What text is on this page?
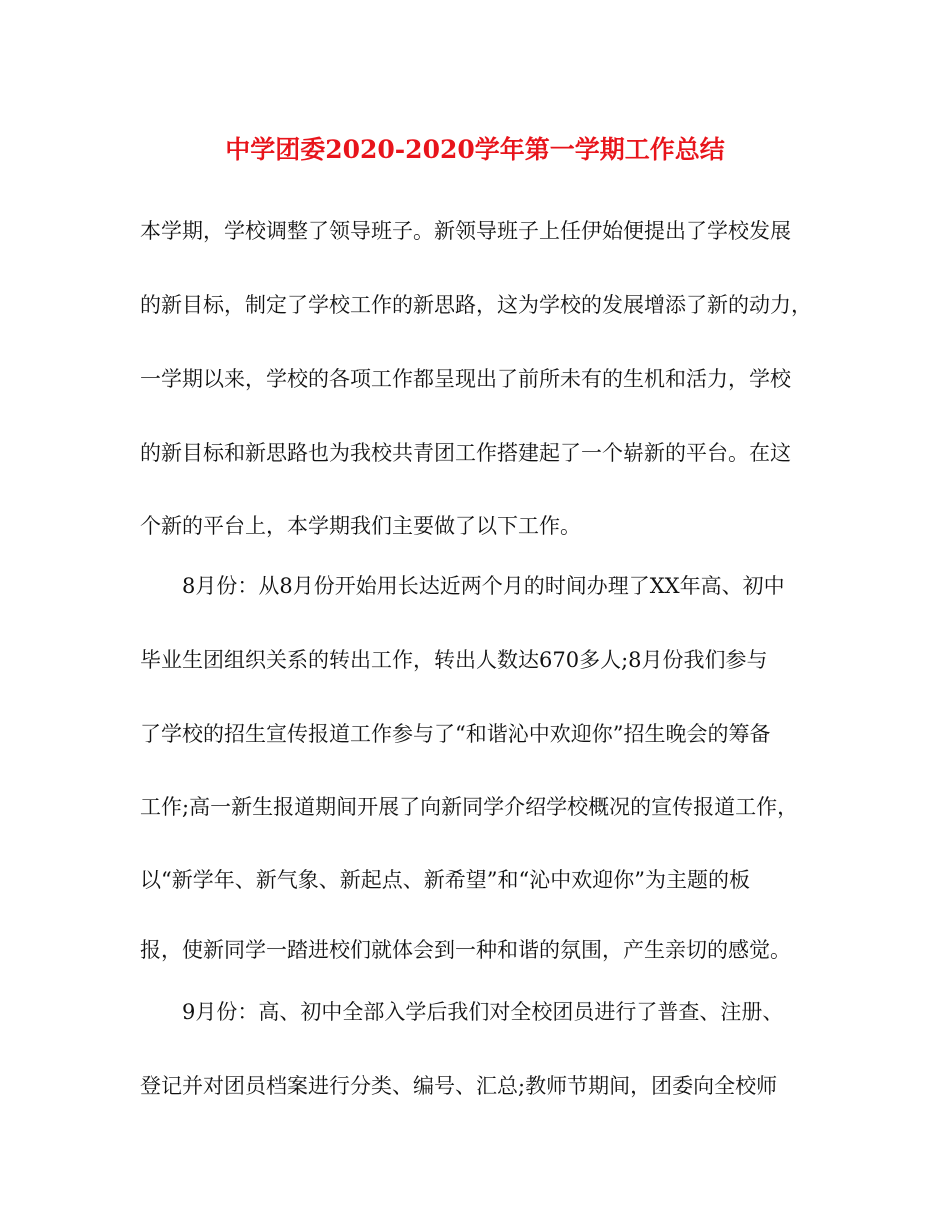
中学团委2020-2020学年第一学期工作总结
本学期，学校调整了领导班子。新领导班子上任伊始便提出了学校发展
的新目标，制定了学校工作的新思路，这为学校的发展增添了新的动力，
一学期以来，学校的各项工作都呈现出了前所未有的生机和活力，学校
的新目标和新思路也为我校共青团工作搭建起了一个崭新的平台。在这
个新的平台上，本学期我们主要做了以下工作。
8月份：从8月份开始用长达近两个月的时间办理了XX年高、初中
毕业生团组织关系的转出工作，转出人数达670多人;8月份我们参与
了学校的招生宣传报道工作参与了“和谐沁中欢迎你”招生晚会的筹备
工作;高一新生报道期间开展了向新同学介绍学校概况的宣传报道工作，
以“新学年、新气象、新起点、新希望”和“沁中欢迎你”为主题的板
报，使新同学一踏进校们就体会到一种和谐的氛围，产生亲切的感觉。
9月份：高、初中全部入学后我们对全校团员进行了普查、注册、
登记并对团员档案进行分类、编号、汇总;教师节期间，团委向全校师
